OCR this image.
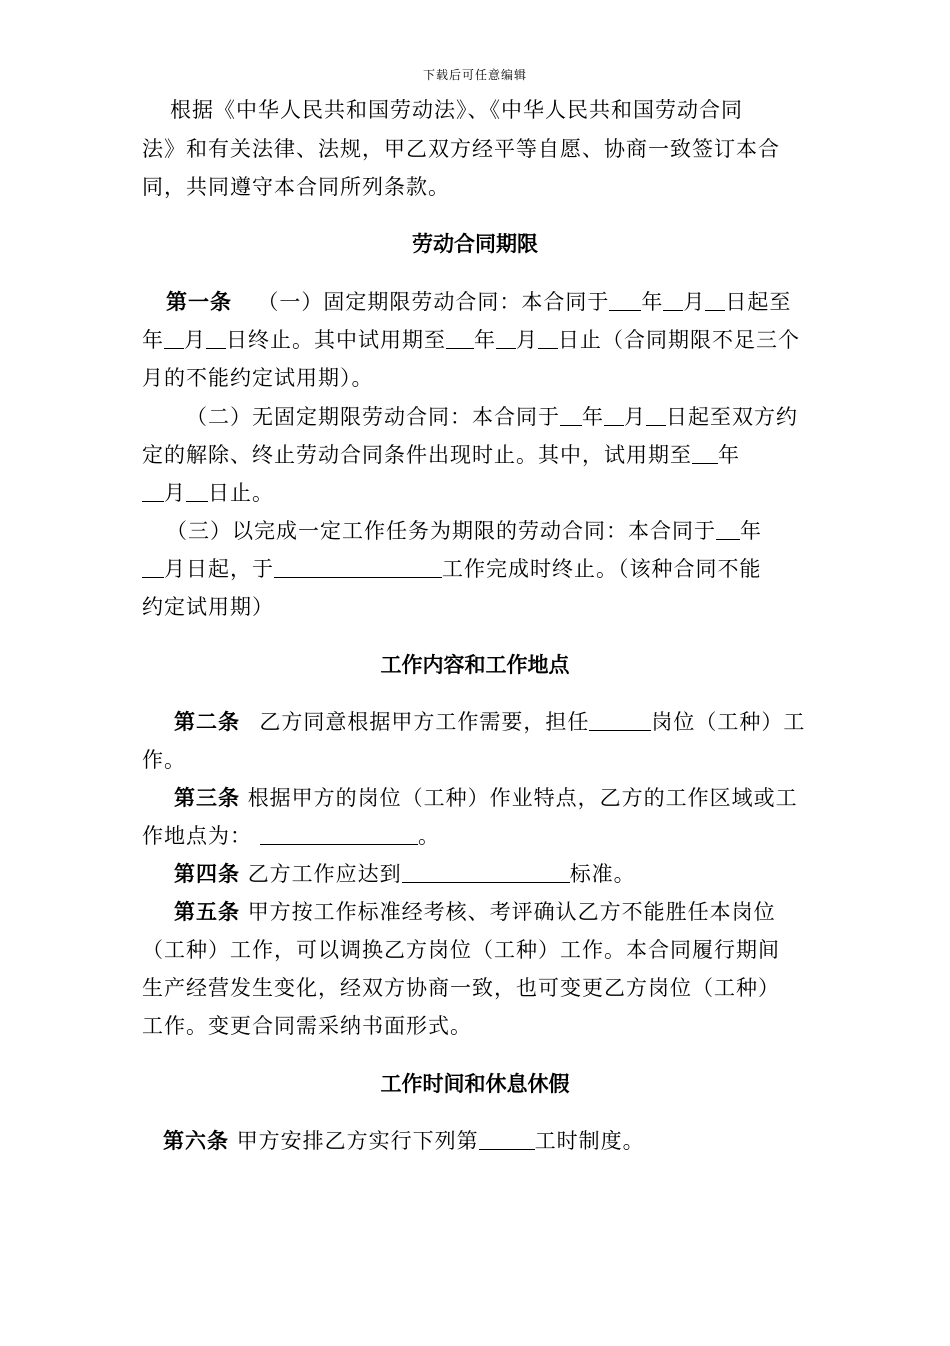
下载后可任意编辑
根据《中华人民共和国劳动法》、《中华人民共和国劳动合同
法》和有关法律、法规，甲乙双方经平等自愿、协商一致签订本合
同，共同遵守本合同所列条款。
劳动合同期限
第一条 （一）固定期限劳动合同：本合同于 年 月 日起至
年 月 日终止。其中试用期至 年 月 日止（合同期限不足三个
月的不能约定试用期）。
（二）无固定期限劳动合同：本合同于 年 月 日起至双方约
定的解除、终止劳动合同条件出现时止。其中，试用期至 年
月 日止。
（三）以完成一定工作任务为期限的劳动合同：本合同于 年
月日起，于	工作完成时终止。（该种合同不能
约定试用期）
工作内容和工作地点
第二条 乙方同意根据甲方工作需要，担任	岗位（工种）工
作。
第三条 根据甲方的岗位（工种）作业特点，乙方的工作区域或工
作地点为：	。
第四条 乙方工作应达到	标准。
第五条 甲方按工作标准经考核、考评确认乙方不能胜任本岗位
（工种）工作，可以调换乙方岗位（工种）工作。本合同履行期间
生产经营发生变化，经双方协商一致，也可变更乙方岗位（工种）
工作。变更合同需采纳书面形式。
工作时间和休息休假
第六条 甲方安排乙方实行下列第	工时制度。
